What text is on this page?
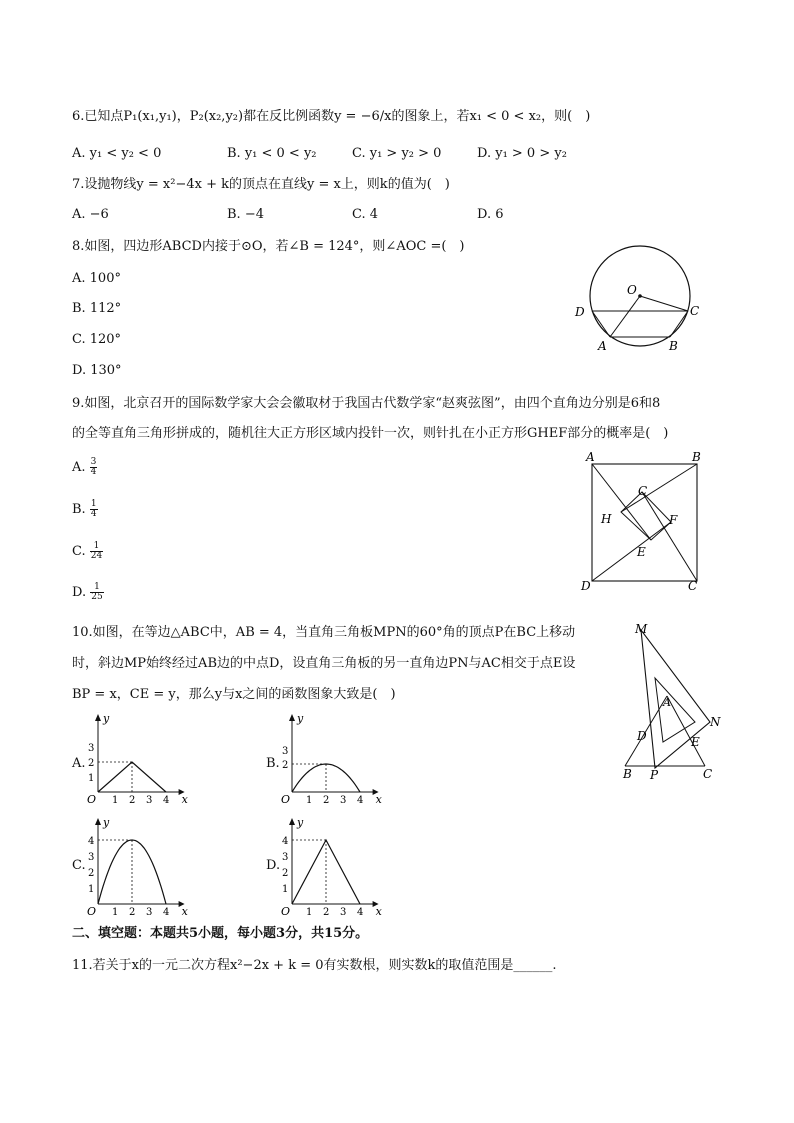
6.已知点P₁(x₁,y₁)，P₂(x₂,y₂)都在反比例函数y = −6/x的图象上，若x₁ < 0 < x₂，则(　)
A. y₁ < y₂ < 0	B. y₁ < 0 < y₂	C. y₁ > y₂ > 0	D. y₁ > 0 > y₂
7.设抛物线y = x²−4x + k的顶点在直线y = x上，则k的值为(　)
A. −6	B. −4	C. 4	D. 6
8.如图，四边形ABCD内接于⊙O，若∠B = 124°，则∠AOC =(　)
A. 100°
B. 112°
C. 120°
D. 130°
O
D	C
A	B
9.如图，北京召开的国际数学家大会会徽取材于我国古代数学家“赵爽弦图”，由四个直角边分别是6和8
的全等直角三角形拼成的，随机往大正方形区域内投针一次，则针扎在小正方形GHEF部分的概率是(　)
A. $\frac{3}{4}$
B. $\frac{1}{4}$
C. $\frac{1}{24}$
D. $\frac{1}{25}$
A	B
D	C
C
H	F
E
10.如图，在等边△ABC中，AB = 4，当直角三角板MPN的60°角的顶点P在BC上移动
时，斜边MP始终经过AB边的中点D，设直角三角板的另一直角边PN与AC相交于点E设
BP = x，CE = y，那么y与x之间的函数图象大致是(　)
M
A
N
D	E
B P	C
A.
x
y
O 1 2 3 4
3
2
1
B.
x
y
O 1 2 3 4
3
2
C.
x
y
O 1 2 3 4
4
3
2
1
D.
x
y
O 1 2 3 4
4
3
2
1
二、填空题：本题共5小题，每小题3分，共15分。
11.若关于x的一元二次方程x²−2x + k = 0有实数根，则实数k的取值范围是______.
